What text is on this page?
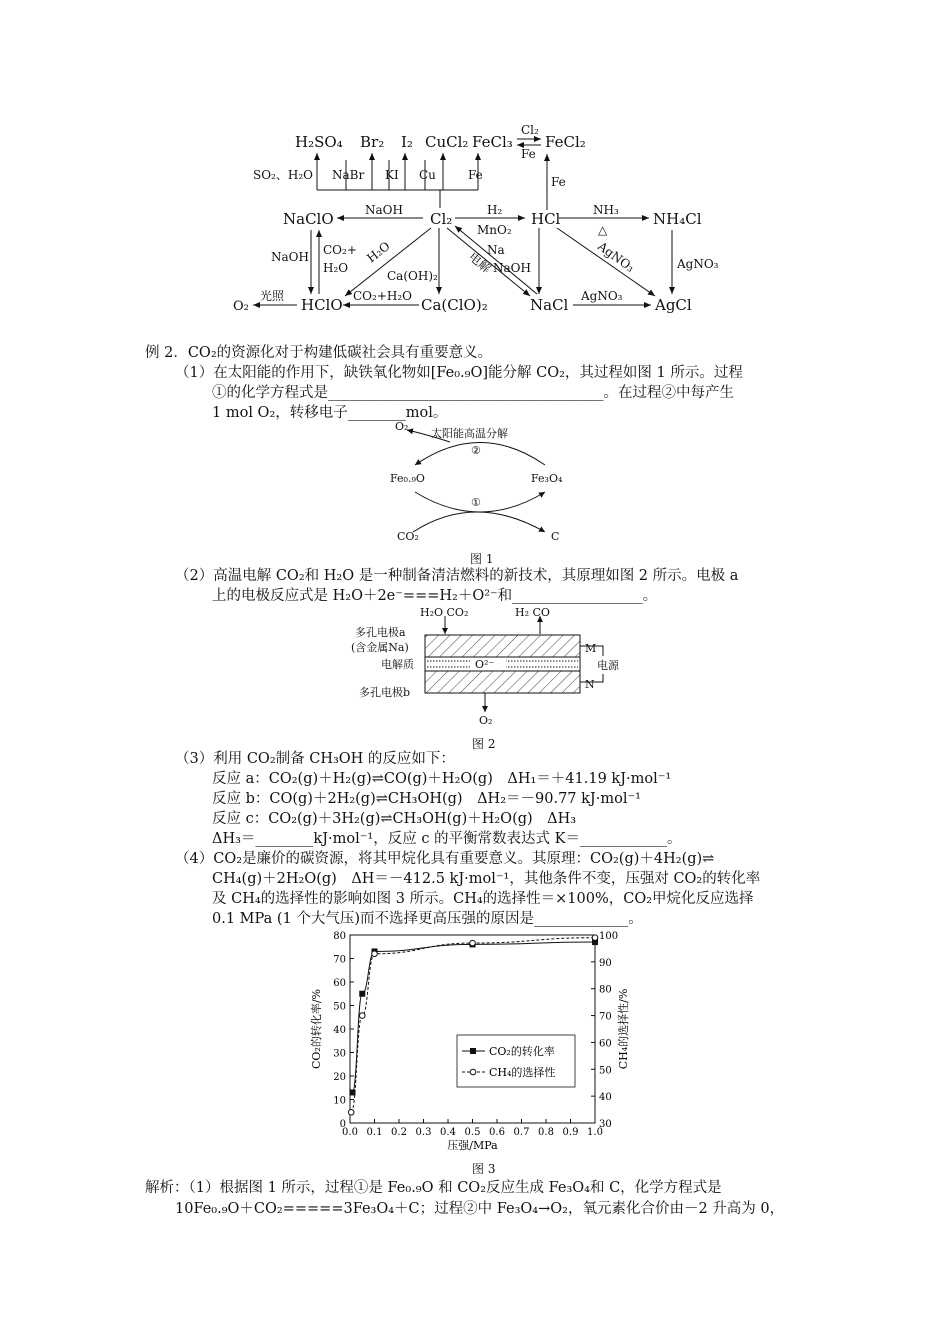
H₂SO₄ Br₂ I₂ CuCl₂ FeCl₃ FeCl₂
NaClO	Cl₂	HCl	NH₄Cl
HClO	Ca(ClO)₂	NaCl	AgCl
O₂
SO₂、H₂O NaBr KI Cu	Fe
Cl₂
Fe
Fe
NaOH	H₂
MnO₂
NH₃
△
NaOH CO₂+
H₂O
H₂O
Ca(OH)₂
电解
Na
NaOH	AgNO₃	AgNO₃
光照	CO₂+H₂O	AgNO₃
例 2．CO₂的资源化对于构建低碳社会具有重要意义。
（1）在太阳能的作用下，缺铁氧化物如[Fe₀.₉O]能分解 CO₂，其过程如图 1 所示。过程
①的化学方程式是______________________________________。在过程②中每产生
1 mol O₂，转移电子________mol。
O₂
太阳能高温分解
②
①
Fe₀.₉O	Fe₃O₄
CO₂	C
图 1
（2）高温电解 CO₂和 H₂O 是一种制备清洁燃料的新技术，其原理如图 2 所示。电极 a
上的电极反应式是 H₂O＋2e⁻===H₂＋O²⁻和__________________。
H₂O CO₂	H₂ CO
多孔电极a
(含金属Na)
电解质	O²⁻
多孔电极b
M
N
电源
O₂
图 2
（3）利用 CO₂制备 CH₃OH 的反应如下：
反应 a：CO₂(g)＋H₂(g)⇌CO(g)＋H₂O(g)　ΔH₁＝＋41.19 kJ·mol⁻¹
反应 b：CO(g)＋2H₂(g)⇌CH₃OH(g)　ΔH₂＝－90.77 kJ·mol⁻¹
反应 c：CO₂(g)＋3H₂(g)⇌CH₃OH(g)＋H₂O(g)　ΔH₃
ΔH₃＝________kJ·mol⁻¹，反应 c 的平衡常数表达式 K＝____________。
（4）CO₂是廉价的碳资源，将其甲烷化具有重要意义。其原理：CO₂(g)＋4H₂(g)⇌
CH₄(g)＋2H₂O(g)　ΔH＝－412.5 kJ·mol⁻¹，其他条件不变，压强对 CO₂的转化率
及 CH₄的选择性的影响如图 3 所示。CH₄的选择性＝×100%，CO₂甲烷化反应选择
0.1 MPa (1 个大气压)而不选择更高压强的原因是_____________。
0.0 0.1 0.2 0.3 0.4 0.5 0.6 0.7 0.8 0.9 1.0
0
10
20
30
40
50
60
70
80
30
40
50
60
70
80
90
100
CO₂的转化率/%	CH₄的选择性/%
压强/MPa
CO₂的转化率
CH₄的选择性
图 3
解析：（1）根据图 1 所示，过程①是 Fe₀.₉O 和 CO₂反应生成 Fe₃O₄和 C，化学方程式是
10Fe₀.₉O＋CO₂=====3Fe₃O₄＋C；过程②中 Fe₃O₄→O₂，氧元素化合价由－2 升高为 0，
